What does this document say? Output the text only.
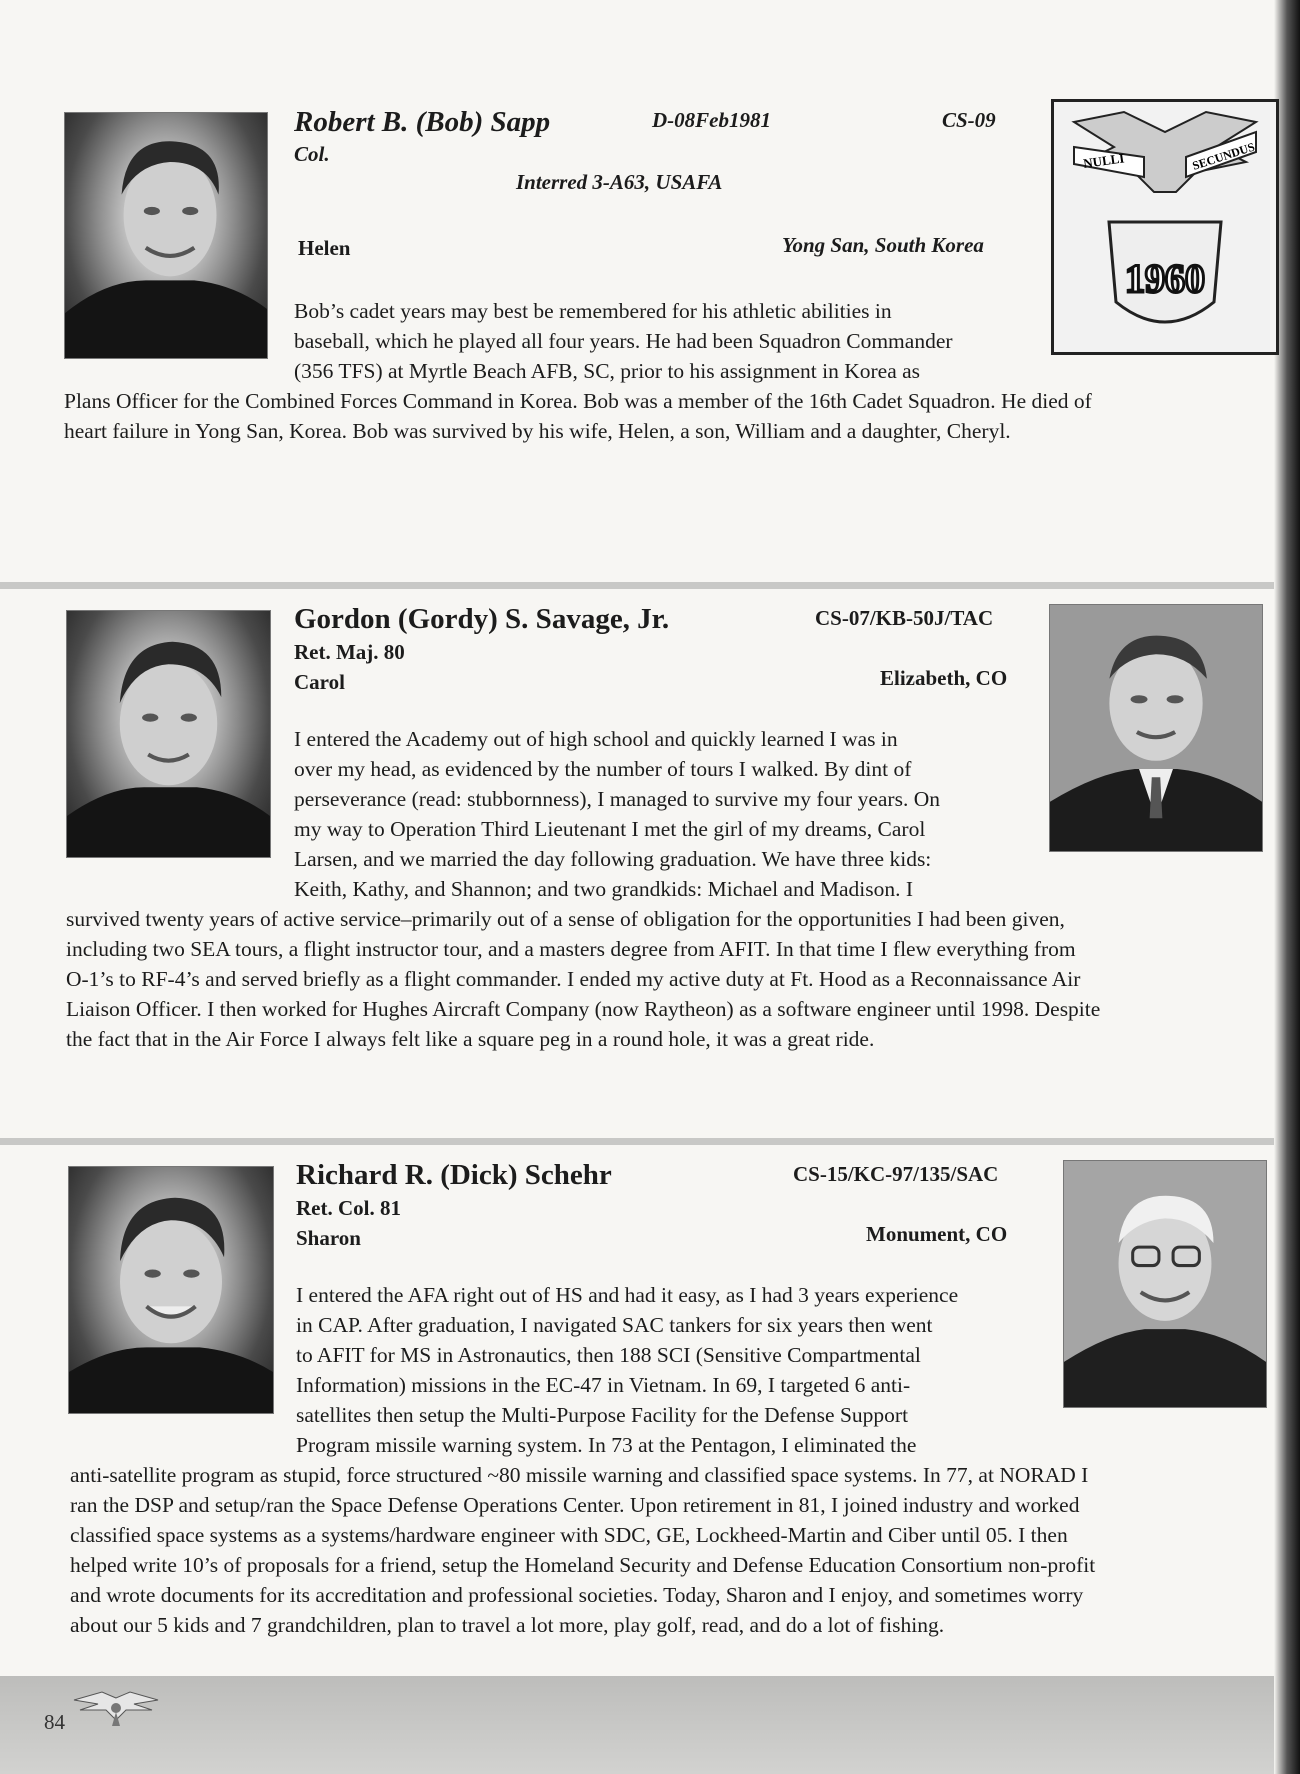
Robert B. (Bob) Sapp
Col.
D-08Feb1981	CS-09
Interred 3-A63, USAFA
Helen	Yong San, South Korea
NULLI	SECUNDUS
1960
Bob’s cadet years may best be remembered for his athletic abilities in
baseball, which he played all four years. He had been Squadron Commander
(356 TFS) at Myrtle Beach AFB, SC, prior to his assignment in Korea as
Plans Officer for the Combined Forces Command in Korea. Bob was a member of the 16th Cadet Squadron. He died of
heart failure in Yong San, Korea. Bob was survived by his wife, Helen, a son, William and a daughter, Cheryl.
Gordon (Gordy) S. Savage, Jr.	CS-07/KB-50J/TAC
Ret. Maj. 80
Carol	Elizabeth, CO
I entered the Academy out of high school and quickly learned I was in
over my head, as evidenced by the number of tours I walked. By dint of
perseverance (read: stubbornness), I managed to survive my four years. On
my way to Operation Third Lieutenant I met the girl of my dreams, Carol
Larsen, and we married the day following graduation. We have three kids:
Keith, Kathy, and Shannon; and two grandkids: Michael and Madison. I
survived twenty years of active service–primarily out of a sense of obligation for the opportunities I had been given,
including two SEA tours, a flight instructor tour, and a masters degree from AFIT. In that time I flew everything from
O-1’s to RF-4’s and served briefly as a flight commander. I ended my active duty at Ft. Hood as a Reconnaissance Air
Liaison Officer. I then worked for Hughes Aircraft Company (now Raytheon) as a software engineer until 1998. Despite
the fact that in the Air Force I always felt like a square peg in a round hole, it was a great ride.
Richard R. (Dick) Schehr	CS-15/KC-97/135/SAC
Ret. Col. 81
Sharon	Monument, CO
I entered the AFA right out of HS and had it easy, as I had 3 years experience
in CAP. After graduation, I navigated SAC tankers for six years then went
to AFIT for MS in Astronautics, then 188 SCI (Sensitive Compartmental
Information) missions in the EC-47 in Vietnam. In 69, I targeted 6 anti-
satellites then setup the Multi-Purpose Facility for the Defense Support
Program missile warning system. In 73 at the Pentagon, I eliminated the
anti-satellite program as stupid, force structured ~80 missile warning and classified space systems. In 77, at NORAD I
ran the DSP and setup/ran the Space Defense Operations Center. Upon retirement in 81, I joined industry and worked
classified space systems as a systems/hardware engineer with SDC, GE, Lockheed-Martin and Ciber until 05. I then
helped write 10’s of proposals for a friend, setup the Homeland Security and Defense Education Consortium non-profit
and wrote documents for its accreditation and professional societies. Today, Sharon and I enjoy, and sometimes worry
about our 5 kids and 7 grandchildren, plan to travel a lot more, play golf, read, and do a lot of fishing.
84
